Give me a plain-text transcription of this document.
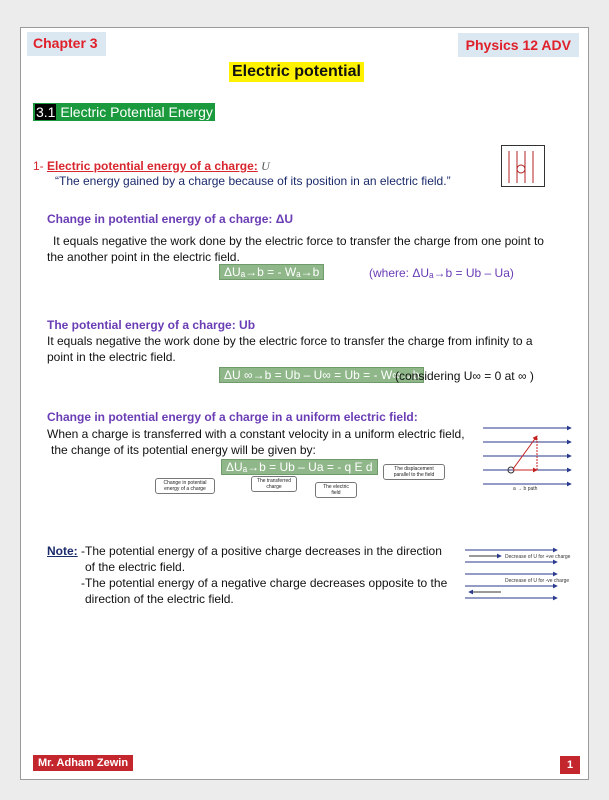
Chapter 3	Physics 12 ADV
Electric potential
3.1 Electric Potential Energy
1- Electric potential energy of a charge: U
“The energy gained by a charge because of its position in an electric field.”
Change in potential energy of a charge: ΔU
It equals negative the work done by the electric force to transfer the charge from one point to
the another point in the electric field.
ΔUₐ→b = - Wₐ→b	(where: ΔUₐ→b = Ub – Ua)
The potential energy of a charge: Ub
It equals negative the work done by the electric force to transfer the charge from infinity to a
point in the electric field.
ΔU ∞→b = Ub – U∞ = Ub = - W∞→b
(considering U∞ = 0 at ∞ )
Change in potential energy of a charge in a uniform electric field:
When a charge is transferred with a constant velocity in a uniform electric field,
the change of its potential energy will be given by:
ΔUₐ→b = Ub – Ua = - q E d
Change in potential energy of a charge
The transferred charge	The electric field
The displacement parallel to the field
a → b path
Note: -The potential energy of a positive charge decreases in the direction
of the electric field.
-The potential energy of a negative charge decreases opposite to the
direction of the electric field.
Decrease of U for +ve charge
Decrease of U for -ve charge
Mr. Adham Zewin	1
